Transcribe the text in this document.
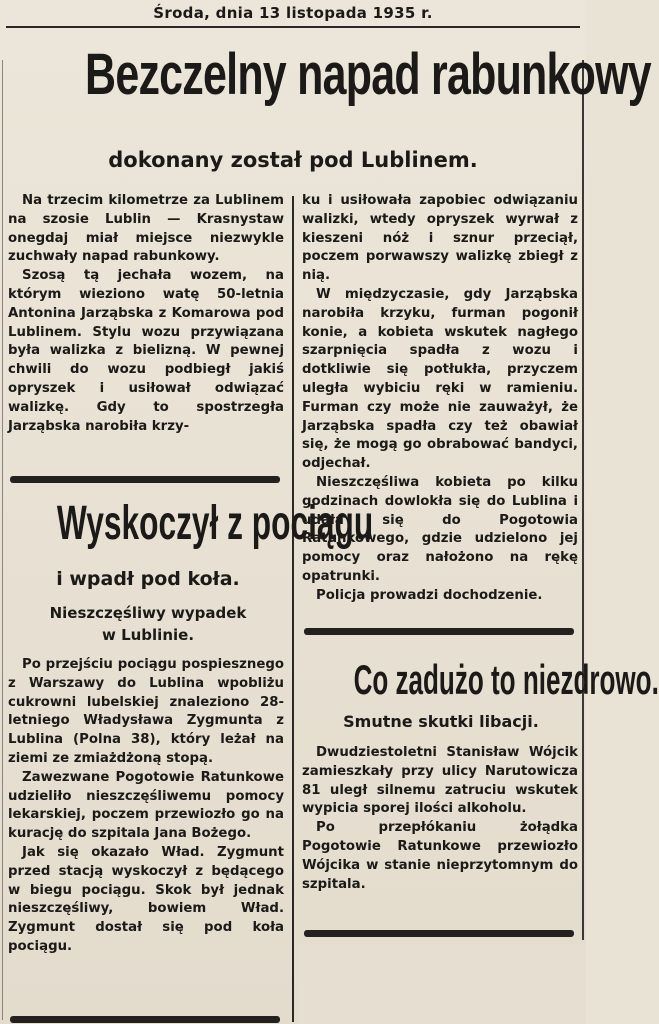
Środa, dnia 13 listopada 1935 r.
Bezczelny napad rabunkowy
dokonany został pod Lublinem.

Na trzecim kilometrze za Lublinem na szosie Lublin — Krasnystaw onegdaj miał miejsce niezwykle zuchwały napad rabunkowy.

Szosą tą jechała wozem, na którym wieziono watę 50-letnia Antonina Jarząbska z Komarowa pod Lublinem. Stylu wozu przywiązana była walizka z bielizną. W pewnej chwili do wozu podbiegł jakiś opryszek i usiłował odwiązać walizkę. Gdy to spostrzegła Jarząbska narobiła krzy-

ku i usiłowała zapobiec odwiązaniu walizki, wtedy opryszek wyrwał z kieszeni nóż i sznur przeciął, poczem porwawszy walizkę zbiegł z nią.

W międzyczasie, gdy Jarząbska narobiła krzyku, furman pogonił konie, a kobieta wskutek nagłego szarpnięcia spadła z wozu i dotkliwie się potłukła, przyczem uległa wybiciu ręki w ramieniu. Furman czy może nie zauważył, że Jarząbska spadła czy też obawiał się, że mogą go obrabować bandyci, odjechał.

Nieszczęśliwa kobieta po kilku godzinach dowlokła się do Lublina i udała się do Pogotowia Ratunkowego, gdzie udzielono jej pomocy oraz nałożono na rękę opatrunki.

Policja prowadzi dochodzenie.

Wyskoczył z pociągu
i wpadł pod koła.
Nieszczęśliwy wypadek
w Lublinie.

Po przejściu pociągu pospiesznego z Warszawy do Lublina wpobliżu cukrowni lubelskiej znaleziono 28-letniego Władysława Zygmunta z Lublina (Polna 38), który leżał na ziemi ze zmiażdżoną stopą.

Zawezwane Pogotowie Ratunkowe udzieliło nieszczęśliwemu pomocy lekarskiej, poczem przewiozło go na kurację do szpitala Jana Bożego.

Jak się okazało Wład. Zygmunt przed stacją wyskoczył z będącego w biegu pociągu. Skok był jednak nieszczęśliwy, bowiem Wład. Zygmunt dostał się pod koła pociągu.

Co zadużo to niezdrowo.
Smutne skutki libacji.

Dwudziestoletni Stanisław Wójcik zamieszkały przy ulicy Narutowicza 81 uległ silnemu zatruciu wskutek wypicia sporej ilości alkoholu.

Po przepłókaniu żołądka Pogotowie Ratunkowe przewiozło Wójcika w stanie nieprzytomnym do szpitala.
